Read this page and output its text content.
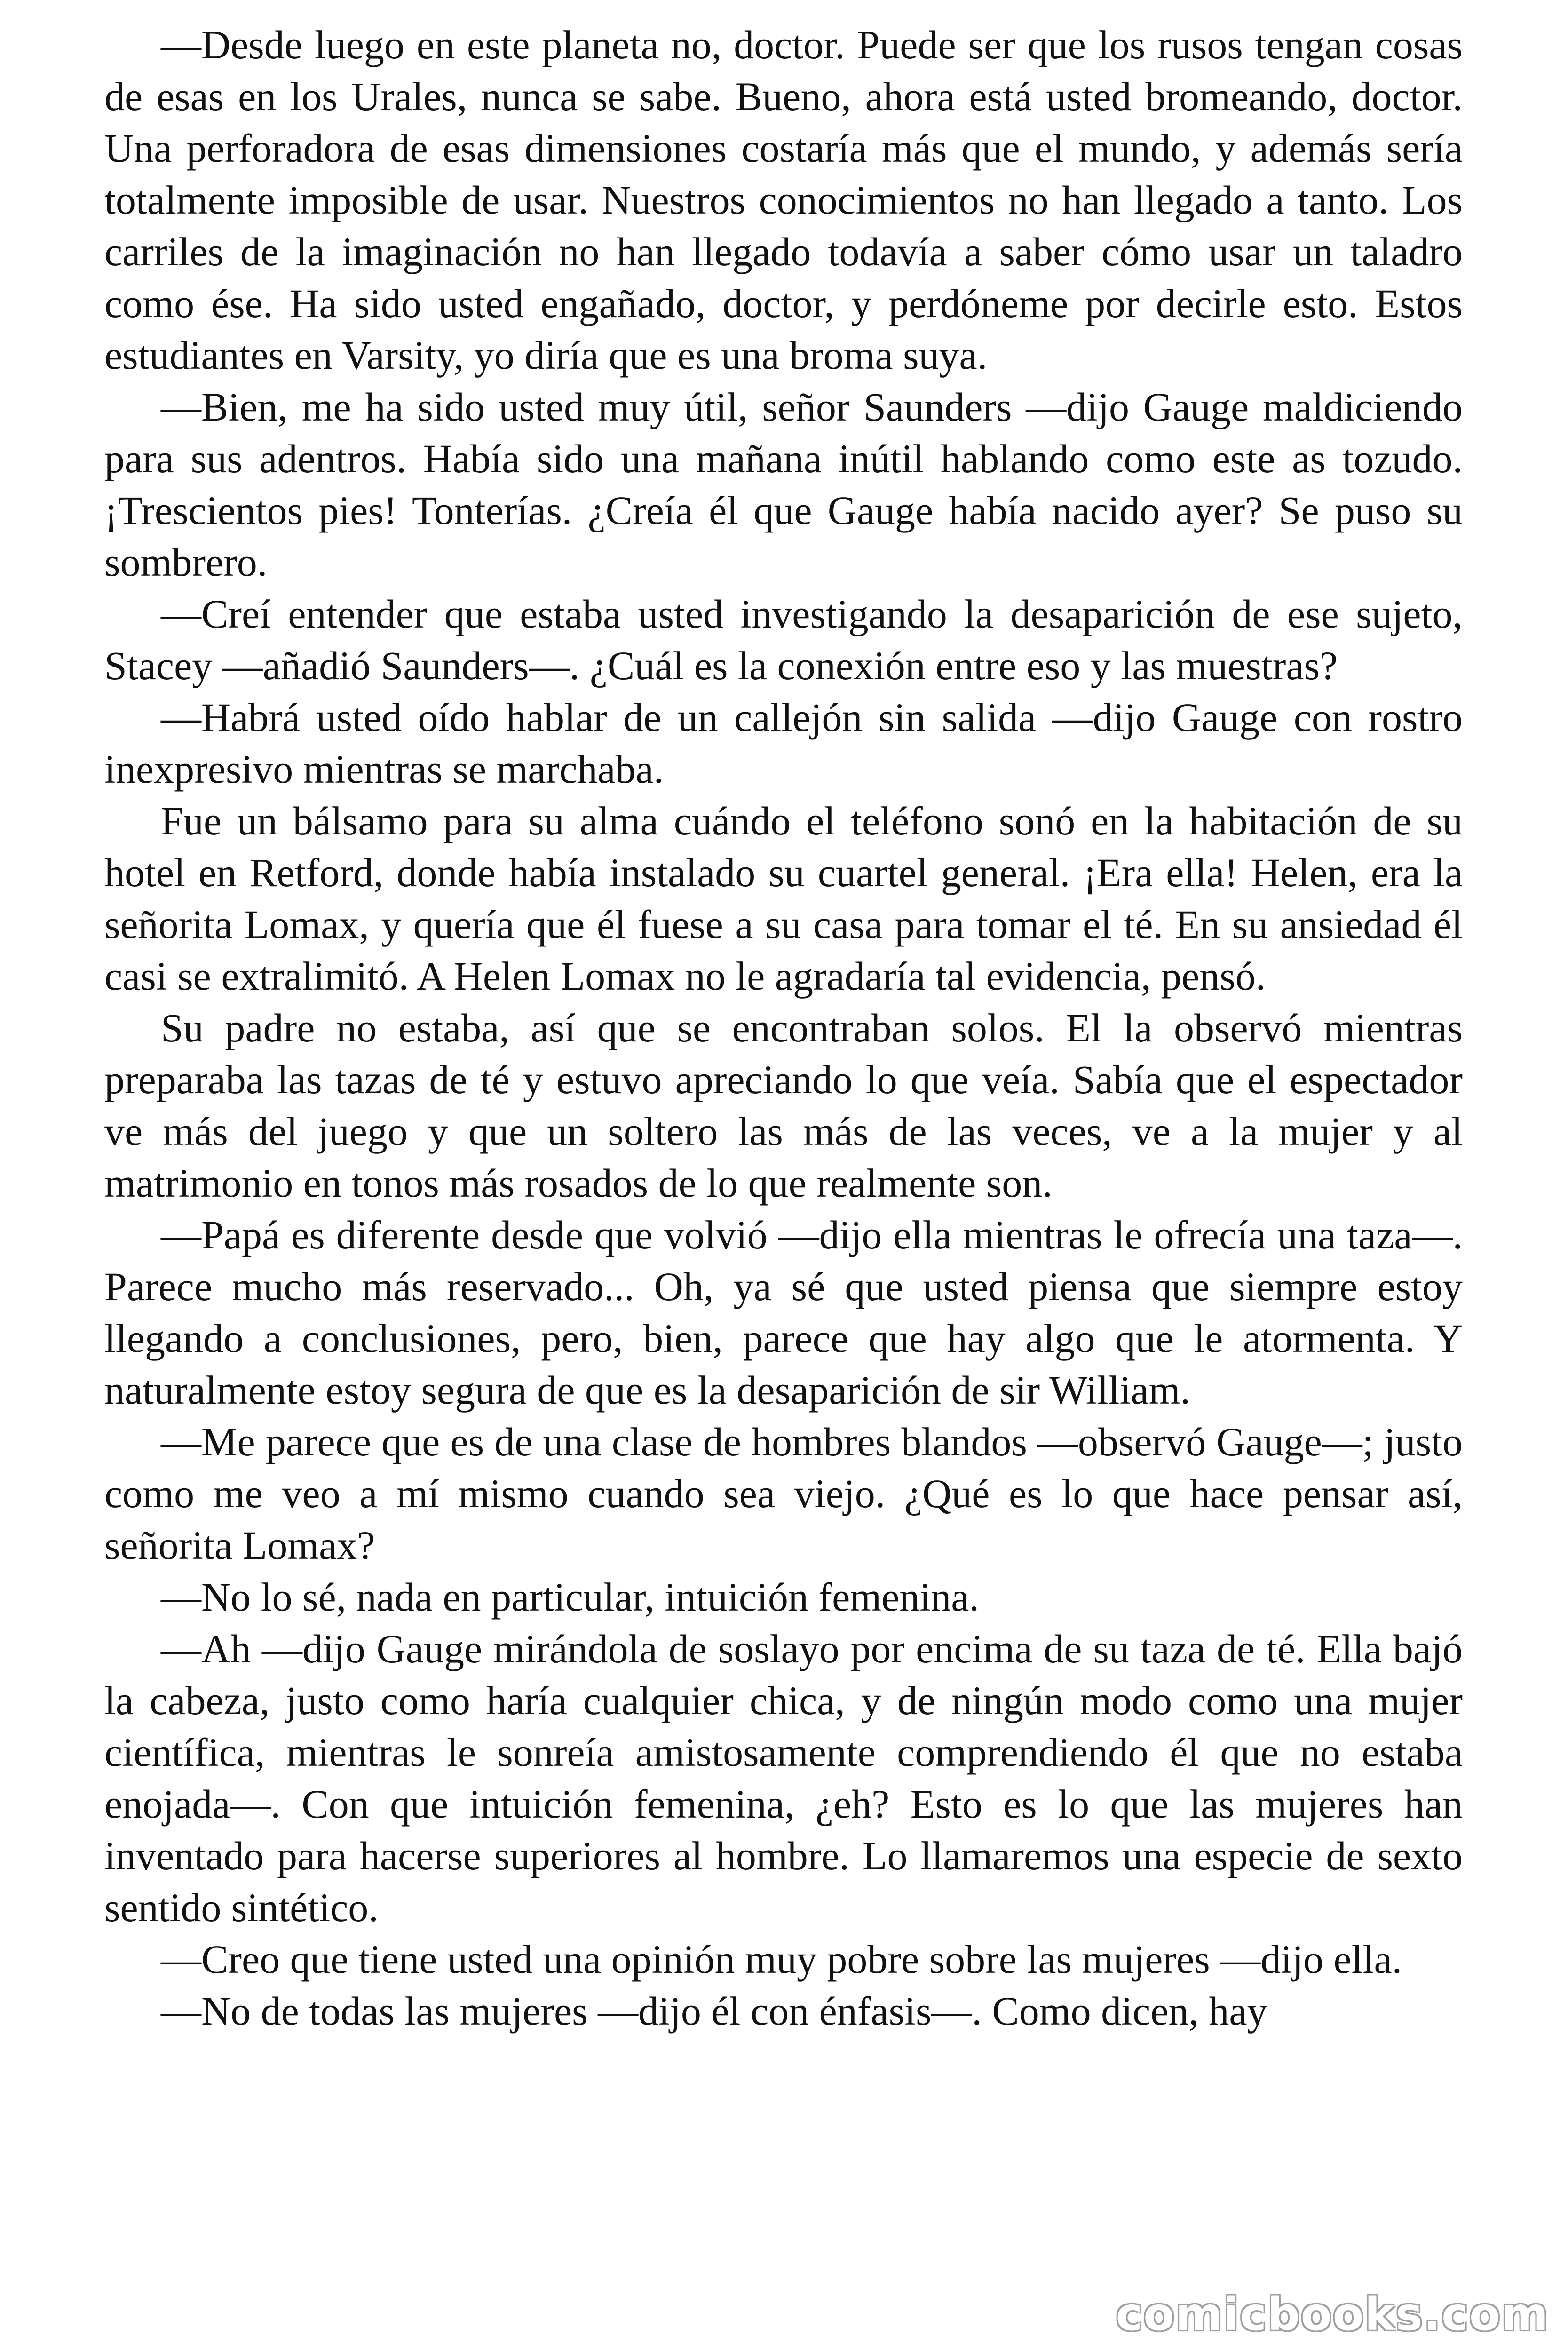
—Desde luego en este planeta no, doctor. Puede ser que los rusos tengan cosas de esas en los Urales, nunca se sabe. Bueno, ahora está usted bromeando, doctor. Una perforadora de esas dimensiones costaría más que el mundo, y además sería totalmente imposible de usar. Nuestros conocimientos no han llegado a tanto. Los carriles de la imaginación no han llegado todavía a saber cómo usar un taladro como ése. Ha sido usted engañado, doctor, y perdóneme por decirle esto. Estos estudiantes en Varsity, yo diría que es una broma suya.

—Bien, me ha sido usted muy útil, señor Saunders —dijo Gauge maldiciendo para sus adentros. Había sido una mañana inútil hablando como este as tozudo. ¡Trescientos pies! Tonterías. ¿Creía él que Gauge había nacido ayer? Se puso su sombrero.

—Creí entender que estaba usted investigando la desaparición de ese sujeto, Stacey —añadió Saunders—. ¿Cuál es la conexión entre eso y las muestras?

—Habrá usted oído hablar de un callejón sin salida —dijo Gauge con rostro inexpresivo mientras se marchaba.

Fue un bálsamo para su alma cuándo el teléfono sonó en la habitación de su hotel en Retford, donde había instalado su cuartel general. ¡Era ella! Helen, era la señorita Lomax, y quería que él fuese a su casa para tomar el té. En su ansiedad él casi se extralimitó. A Helen Lomax no le agradaría tal evidencia, pensó.

Su padre no estaba, así que se encontraban solos. El la observó mientras preparaba las tazas de té y estuvo apreciando lo que veía. Sabía que el espectador ve más del juego y que un soltero las más de las veces, ve a la mujer y al matrimonio en tonos más rosados de lo que realmente son.

—Papá es diferente desde que volvió —dijo ella mientras le ofrecía una taza—. Parece mucho más reservado... Oh, ya sé que usted piensa que siempre estoy llegando a conclusiones, pero, bien, parece que hay algo que le atormenta. Y naturalmente estoy segura de que es la desaparición de sir William.

—Me parece que es de una clase de hombres blandos —observó Gauge—; justo como me veo a mí mismo cuando sea viejo. ¿Qué es lo que hace pensar así, señorita Lomax?

—No lo sé, nada en particular, intuición femenina.

—Ah —dijo Gauge mirándola de soslayo por encima de su taza de té. Ella bajó la cabeza, justo como haría cualquier chica, y de ningún modo como una mujer científica, mientras le sonreía amistosamente comprendiendo él que no estaba enojada—. Con que intuición femenina, ¿eh? Esto es lo que las mujeres han inventado para hacerse superiores al hombre. Lo llamaremos una especie de sexto sentido sintético.

—Creo que tiene usted una opinión muy pobre sobre las mujeres —dijo ella.

—No de todas las mujeres —dijo él con énfasis—. Como dicen, hay

comicbooks.com
